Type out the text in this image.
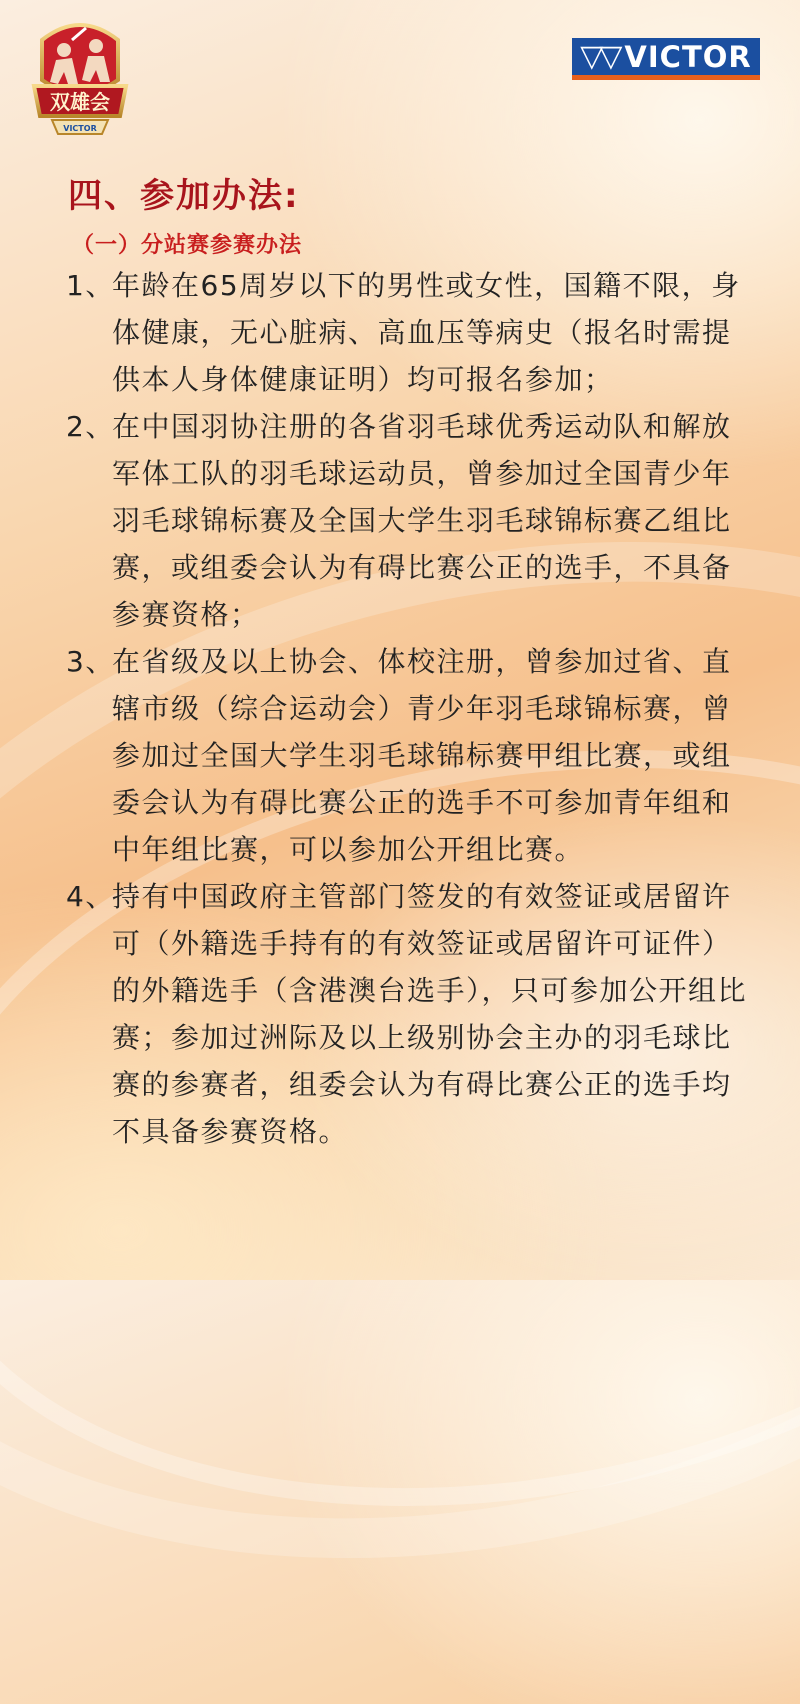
双雄会
VICTOR
▽▽ VICTOR
四、参加办法:
（一）分站赛参赛办法
1、
年龄在65周岁以下的男性或女性，国籍不限，身体健康，无心脏病、高血压等病史（报名时需提供本人身体健康证明）均可报名参加；
2、
在中国羽协注册的各省羽毛球优秀运动队和解放军体工队的羽毛球运动员，曾参加过全国青少年羽毛球锦标赛及全国大学生羽毛球锦标赛乙组比赛，或组委会认为有碍比赛公正的选手，不具备参赛资格；
3、
在省级及以上协会、体校注册，曾参加过省、直辖市级（综合运动会）青少年羽毛球锦标赛，曾参加过全国大学生羽毛球锦标赛甲组比赛，或组委会认为有碍比赛公正的选手不可参加青年组和中年组比赛，可以参加公开组比赛。
4、
持有中国政府主管部门签发的有效签证或居留许可（外籍选手持有的有效签证或居留许可证件）的外籍选手（含港澳台选手），只可参加公开组比赛；参加过洲际及以上级别协会主办的羽毛球比赛的参赛者，组委会认为有碍比赛公正的选手均不具备参赛资格。
